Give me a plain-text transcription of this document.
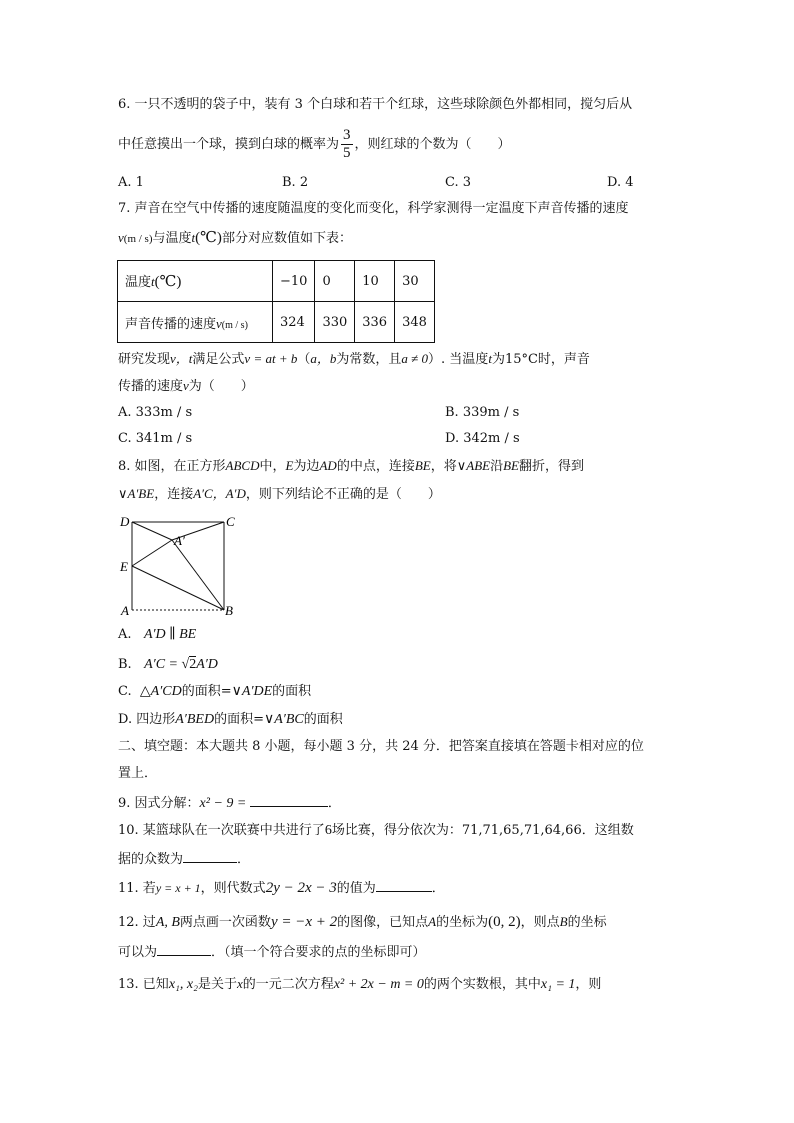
6. 一只不透明的袋子中，装有 3 个白球和若干个红球，这些球除颜色外都相同，搅匀后从
中任意摸出一个球，摸到白球的概率为 $\frac{3}{5}$ ，则红球的个数为（　　）
A. 1	B. 2	C. 3	D. 4
7. 声音在空气中传播的速度随温度的变化而变化，科学家测得一定温度下声音传播的速度
v(m / s)与温度t(℃)部分对应数值如下表：
温度t(℃)	−10	0	10	30
声音传播的速度v(m / s)	324	330	336	348
研究发现v，t满足公式v = at + b（a，b为常数，且a ≠ 0）. 当温度t为15°C时，声音
传播的速度v为（　　）
A. 333m / s	B. 339m / s
C. 341m / s	D. 342m / s
8. 如图，在正方形ABCD中，E为边AD的中点，连接BE，将∨ABE沿BE翻折，得到
∨A′BE，连接A′C，A′D，则下列结论不正确的是（　　）
D	C
A′
E
A	B
A. A′D ∥ BE
B. A′C = √2A′D
C. △A′CD的面积=∨A′DE的面积
D. 四边形A′BED的面积=∨A′BC的面积
二、填空题：本大题共 8 小题，每小题 3 分，共 24 分．把答案直接填在答题卡相对应的位
置上．
9. 因式分解：x² − 9 =	．
10. 某篮球队在一次联赛中共进行了6场比赛，得分依次为：71,71,65,71,64,66．这组数
据的众数为	．
11. 若y = x + 1，则代数式2y − 2x − 3的值为	．
12. 过A, B两点画一次函数y = −x + 2的图像，已知点A的坐标为(0, 2)，则点B的坐标
可以为	．（填一个符合要求的点的坐标即可）
13. 已知x₁, x₂是关于x的一元二次方程x² + 2x − m = 0的两个实数根，其中x₁ = 1，则
